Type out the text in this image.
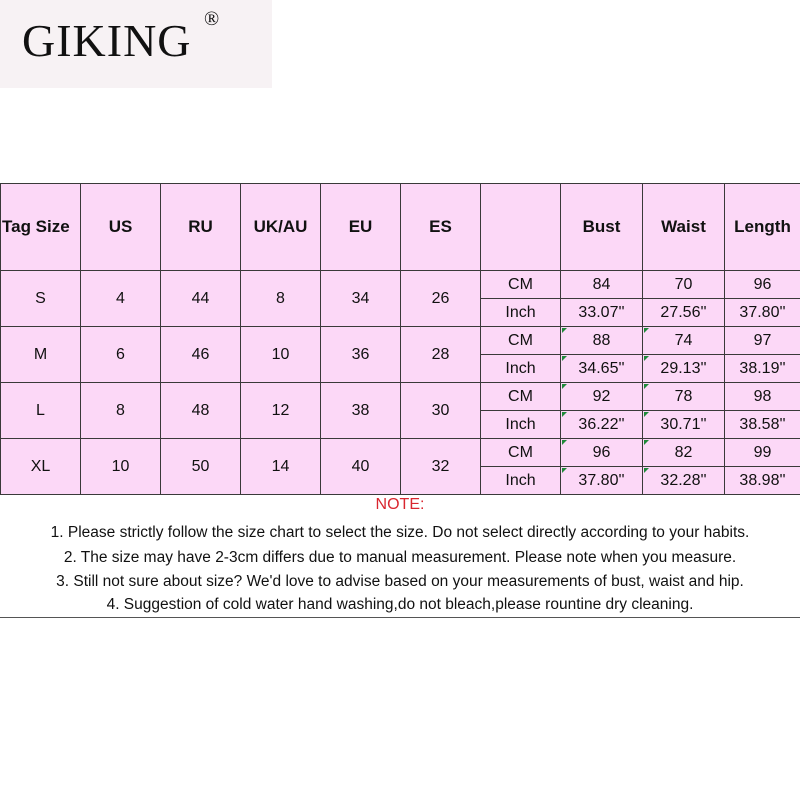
GIKING ®
Tag Size	US	RU	UK/AU	EU	ES		Bust	Waist	Length
S	4	44	8	34	26	CM	84	70	96
						Inch	33.07''	27.56''	37.80''
M	6	46	10	36	28	CM	88	74	97
						Inch	34.65''	29.13''	38.19''
L	8	48	12	38	30	CM	92	78	98
						Inch	36.22''	30.71''	38.58''
XL	10	50	14	40	32	CM	96	82	99
						Inch	37.80''	32.28''	38.98''
NOTE:
1. Please strictly follow the size chart to select the size. Do not select directly according to your habits.
2. The size may have 2-3cm differs due to manual measurement. Please note when you measure.
3. Still not sure about size? We'd love to advise based on your measurements of bust, waist and hip.
4. Suggestion of cold water hand washing,do not bleach,please rountine dry cleaning.
